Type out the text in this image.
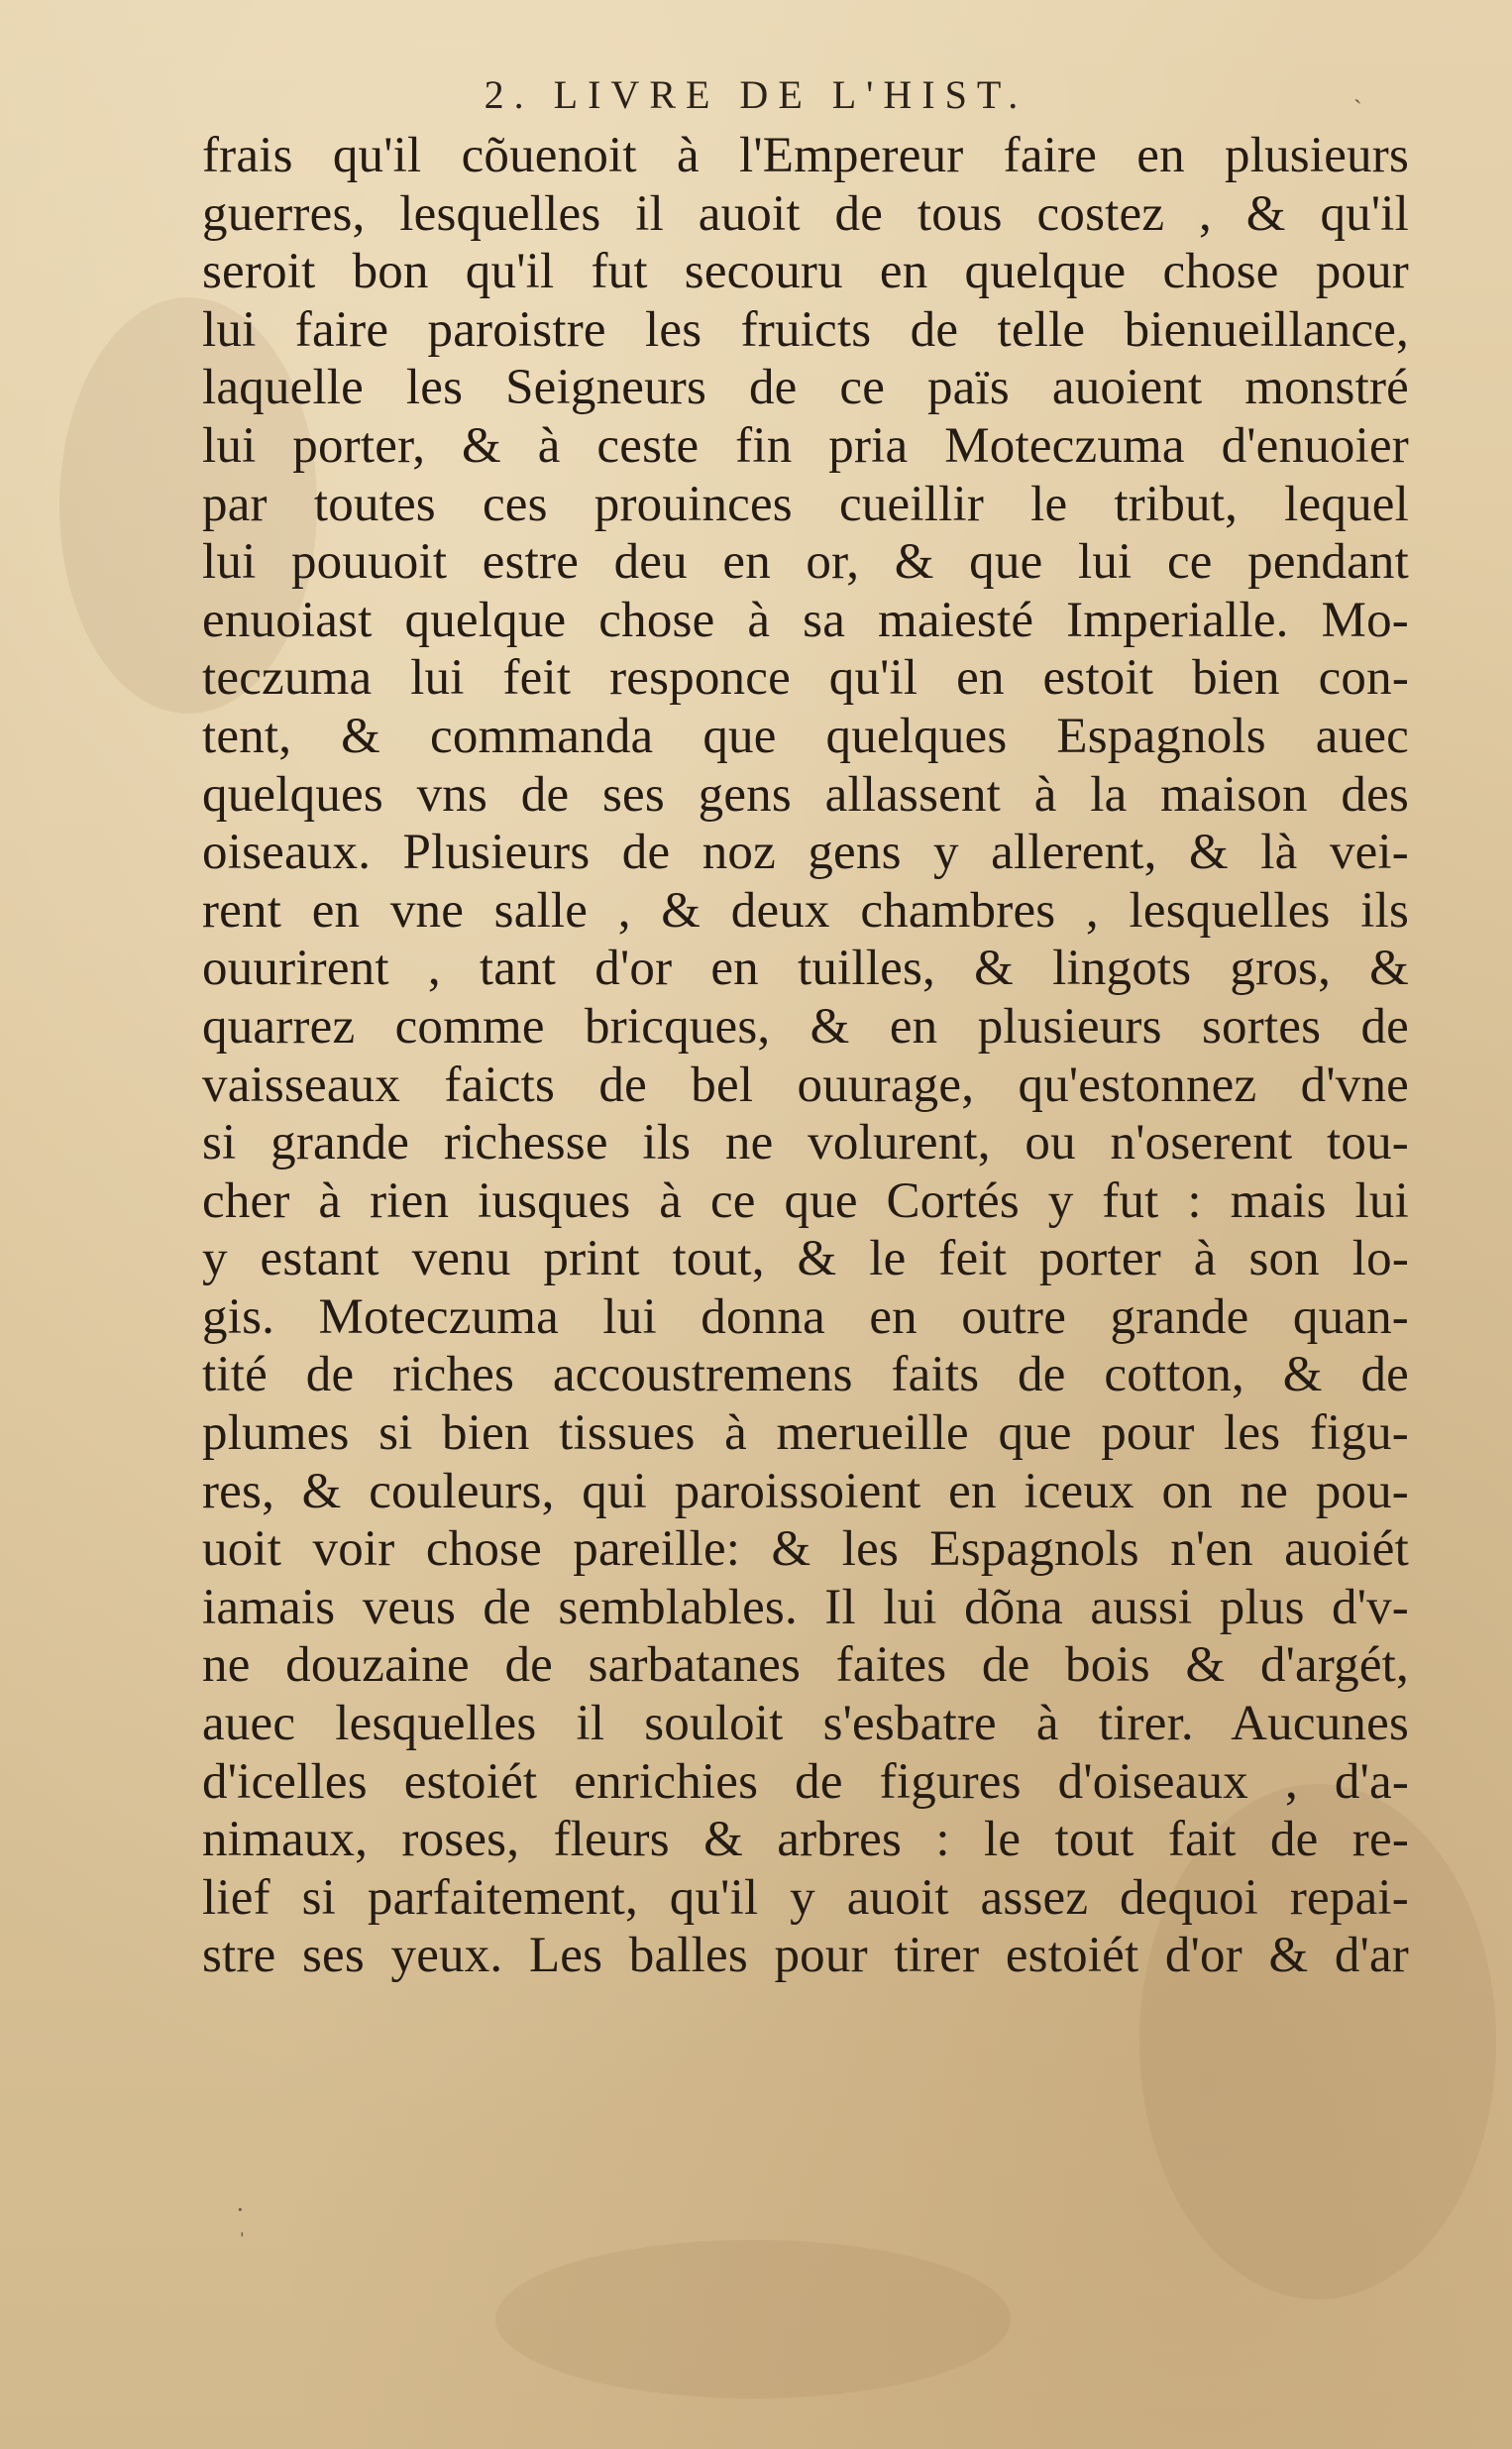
2. LIVRE DE L'HIST.
frais qu'il cõuenoit à l'Empereur faire en plusieurs
guerres, lesquelles il auoit de tous costez , & qu'il
seroit bon qu'il fut secouru en quelque chose pour
lui faire paroistre les fruicts de telle bienueillance,
laquelle les Seigneurs de ce païs auoient monstré
lui porter, & à ceste fin pria Moteczuma d'enuoier
par toutes ces prouinces cueillir le tribut, lequel
lui pouuoit estre deu en or, & que lui ce pendant
enuoiast quelque chose à sa maiesté Imperialle. Mo-
teczuma lui feit responce qu'il en estoit bien con-
tent, & commanda que quelques Espagnols auec
quelques vns de ses gens allassent à la maison des
oiseaux. Plusieurs de noz gens y allerent, & là vei-
rent en vne salle , & deux chambres , lesquelles ils
ouurirent , tant d'or en tuilles, & lingots gros, &
quarrez comme bricques, & en plusieurs sortes de
vaisseaux faicts de bel ouurage, qu'estonnez d'vne
si grande richesse ils ne volurent, ou n'oserent tou-
cher à rien iusques à ce que Cortés y fut : mais lui
y estant venu print tout, & le feit porter à son lo-
gis. Moteczuma lui donna en outre grande quan-
tité de riches accoustremens faits de cotton, & de
plumes si bien tissues à merueille que pour les figu-
res, & couleurs, qui paroissoient en iceux on ne pou-
uoit voir chose pareille: & les Espagnols n'en auoiét
iamais veus de semblables. Il lui dõna aussi plus d'v-
ne douzaine de sarbatanes faites de bois & d'argét,
auec lesquelles il souloit s'esbatre à tirer. Aucunes
d'icelles estoiét enrichies de figures d'oiseaux , d'a-
nimaux, roses, fleurs & arbres : le tout fait de re-
lief si parfaitement, qu'il y auoit assez dequoi repai-
stre ses yeux. Les balles pour tirer estoiét d'or & d'ar
ˋ
·
ˈ
